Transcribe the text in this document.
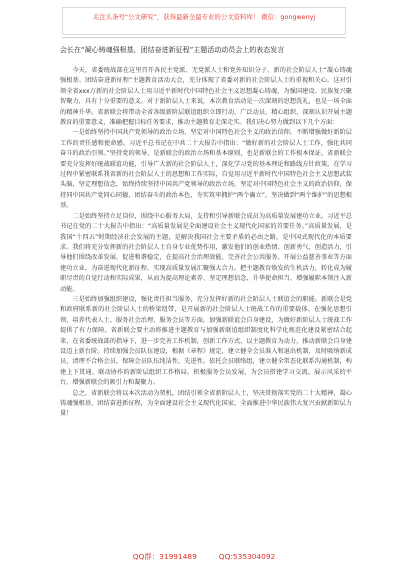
关注头条号“公文研究”，获得最新全最专业的公文资料库！ 微信：gongwenyj
会长在“凝心铸魂强根基，团结奋进新征程”主题活动动员会上的表态发言

今天，省委统战部在这里召开各民主党派、无党派人士和党外知识分子、新的社会阶层人士“凝心铸魂强根基、团结奋进新征程”主题教育活动大会，充分体现了省委对新的社会阶层人士的重视和关心。这对引领全省xxx万新的社会阶层人士用习近平新时代中国特色社会主义思想凝心铸魂，为强国建设、民族复兴聚智聚力，具有十分重要的意义。对于新阶层人士来说，本次教育活动是一次深刻的思想洗礼，也是一场全面的精神升华。省新联会将带动全省各级新阶层联谊组织立即行动，广泛动员、精心组织，深刻认识开展主题教育的重要意义，准确把握目标任务要求，推动主题教育走深走实。我们决心努力做到以下几个方面：

一是始终坚持中国共产党领导的政治立场，坚定对中国特色社会主义的政治信仰，不断增强做好新阶层工作的责任感和使命感。习近平总书记在中共二十大报告中指出：“做好新的社会阶层人士工作，强化共同奋斗的政治引领。”坚持党的领导，是新联会的政治立场和基本原则，也是新联会的工作根本保证。省新联会要充分发挥好统战联谊功能，引导广大新的社会阶层人士，深化学习党的基本理论和路线方针政策，在学习过程中紧密联系我省新的社会阶层人士的思想和工作实际，自觉用习近平新时代中国特色社会主义思想武装头脑，坚定理想信念，始终持续坚持中国共产党领导的政治立场，坚定对中国特色社会主义的政治信仰，保持同中国共产党同心同德、团结奋斗的政治本色，夯实筑牢拥护“两个确立”，坚决做到“两个维护”的思想根基。

二是始终坚持立足岗位，围绕中心服务大局，支持和引导新联会成员为高质量发展建功立业。习近平总书记在党的二十大报告中指出：“高质量发展是全面建设社会主义现代化国家的首要任务。”高质量发展，是我国“十四五”时期经济社会发展的主题，是解决我国社会主要矛盾的必由之路，是中国式现代化的本质要求。我们将充分发挥新的社会阶层人士自身专业优势作用，激发他们的创业热情、创新勇气、创造活力，引导他们围绕改革发展、促进和谐稳定，在提高社会治理效能、完善社会公共服务、开展公益慈善事业等方面建功立业，为奋进现代化新征程、实现高质量发展汇聚强大合力。把主题教育焕发的生机活力，转化成为履职尽责的自觉行动和实际成果，从而为提高理论素养、坚定理想信念、升华使命担当、增强履职本领注入新动能。

三是始终加强组织建设，强化责任担当服务，充分发挥好新的社会阶层人士联谊会的职能。新联会是党和政府联系新的社会阶层人士的桥梁纽带，是开展新的社会阶层人士统战工作的重要载体。在强化思想引领、培养代表人士、服务社会治理、服务会员等方面，加强新联谊会自身建设，为做好新阶层人士统战工作提供了有力保障。省新联会要主动将推进主题教育与加强新联谊组织制度化科学化规范化建设紧密结合起来，在省委统战部的指导下，进一步完善工作机制，创新工作方式，以主题教育为动力，推动新联会自身建设迈上新台阶。持续加强会员队伍建设，根据《章程》规定，建立健全会员准入和退出机制，及时吸纳新成员，清理不合格会员，保障会员队伍纯洁性、先进性。依托会员联络组，建立健全常态化联系沟通机制，构建上下贯通、联动协作的新阶层组织工作格局。积极服务会员发展，为会员搭建学习交流、展示风采的平台，增强新联会的吸引力和凝聚力。

总之，省新联会将以本次活动为契机，团结引领全省新阶层人士，坚决贯彻落实党的二十大精神，凝心铸魂强根基，团结奋进新征程，为全面建设社会主义现代化国家、全面推进中华民族伟大复兴贡献新阶层力量！

QQ群：31991489	QQ:535304092
